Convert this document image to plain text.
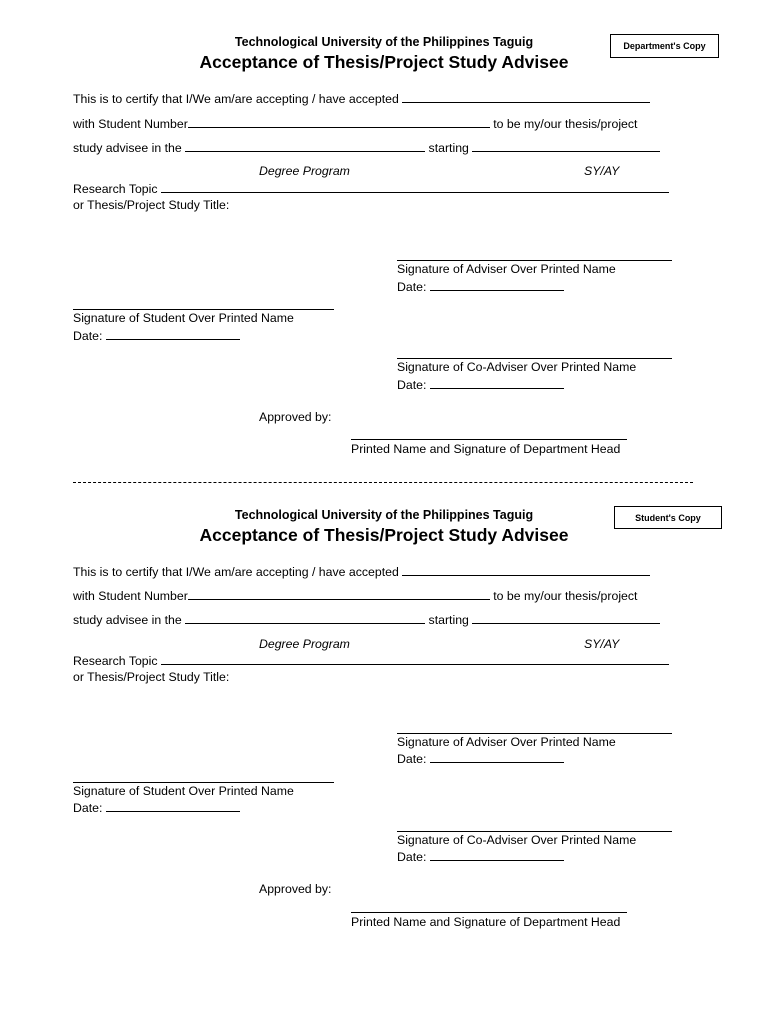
Technological University of the Philippines Taguig
Acceptance of Thesis/Project Study Advisee
Department's Copy
This is to certify that I/We am/are accepting / have accepted
with Student Number	to be my/our thesis/project
study advisee in the	starting
Degree Program	SY/AY
Research Topic
or Thesis/Project Study Title:
Signature of Adviser Over Printed Name
Date:
Signature of Student Over Printed Name
Date:
Signature of Co-Adviser Over Printed Name
Date:
Approved by:
Printed Name and Signature of Department Head
Technological University of the Philippines Taguig
Acceptance of Thesis/Project Study Advisee
Student's Copy
This is to certify that I/We am/are accepting / have accepted
with Student Number	to be my/our thesis/project
study advisee in the	starting
Degree Program	SY/AY
Research Topic
or Thesis/Project Study Title:
Signature of Adviser Over Printed Name
Date:
Signature of Student Over Printed Name
Date:
Signature of Co-Adviser Over Printed Name
Date:
Approved by:
Printed Name and Signature of Department Head
